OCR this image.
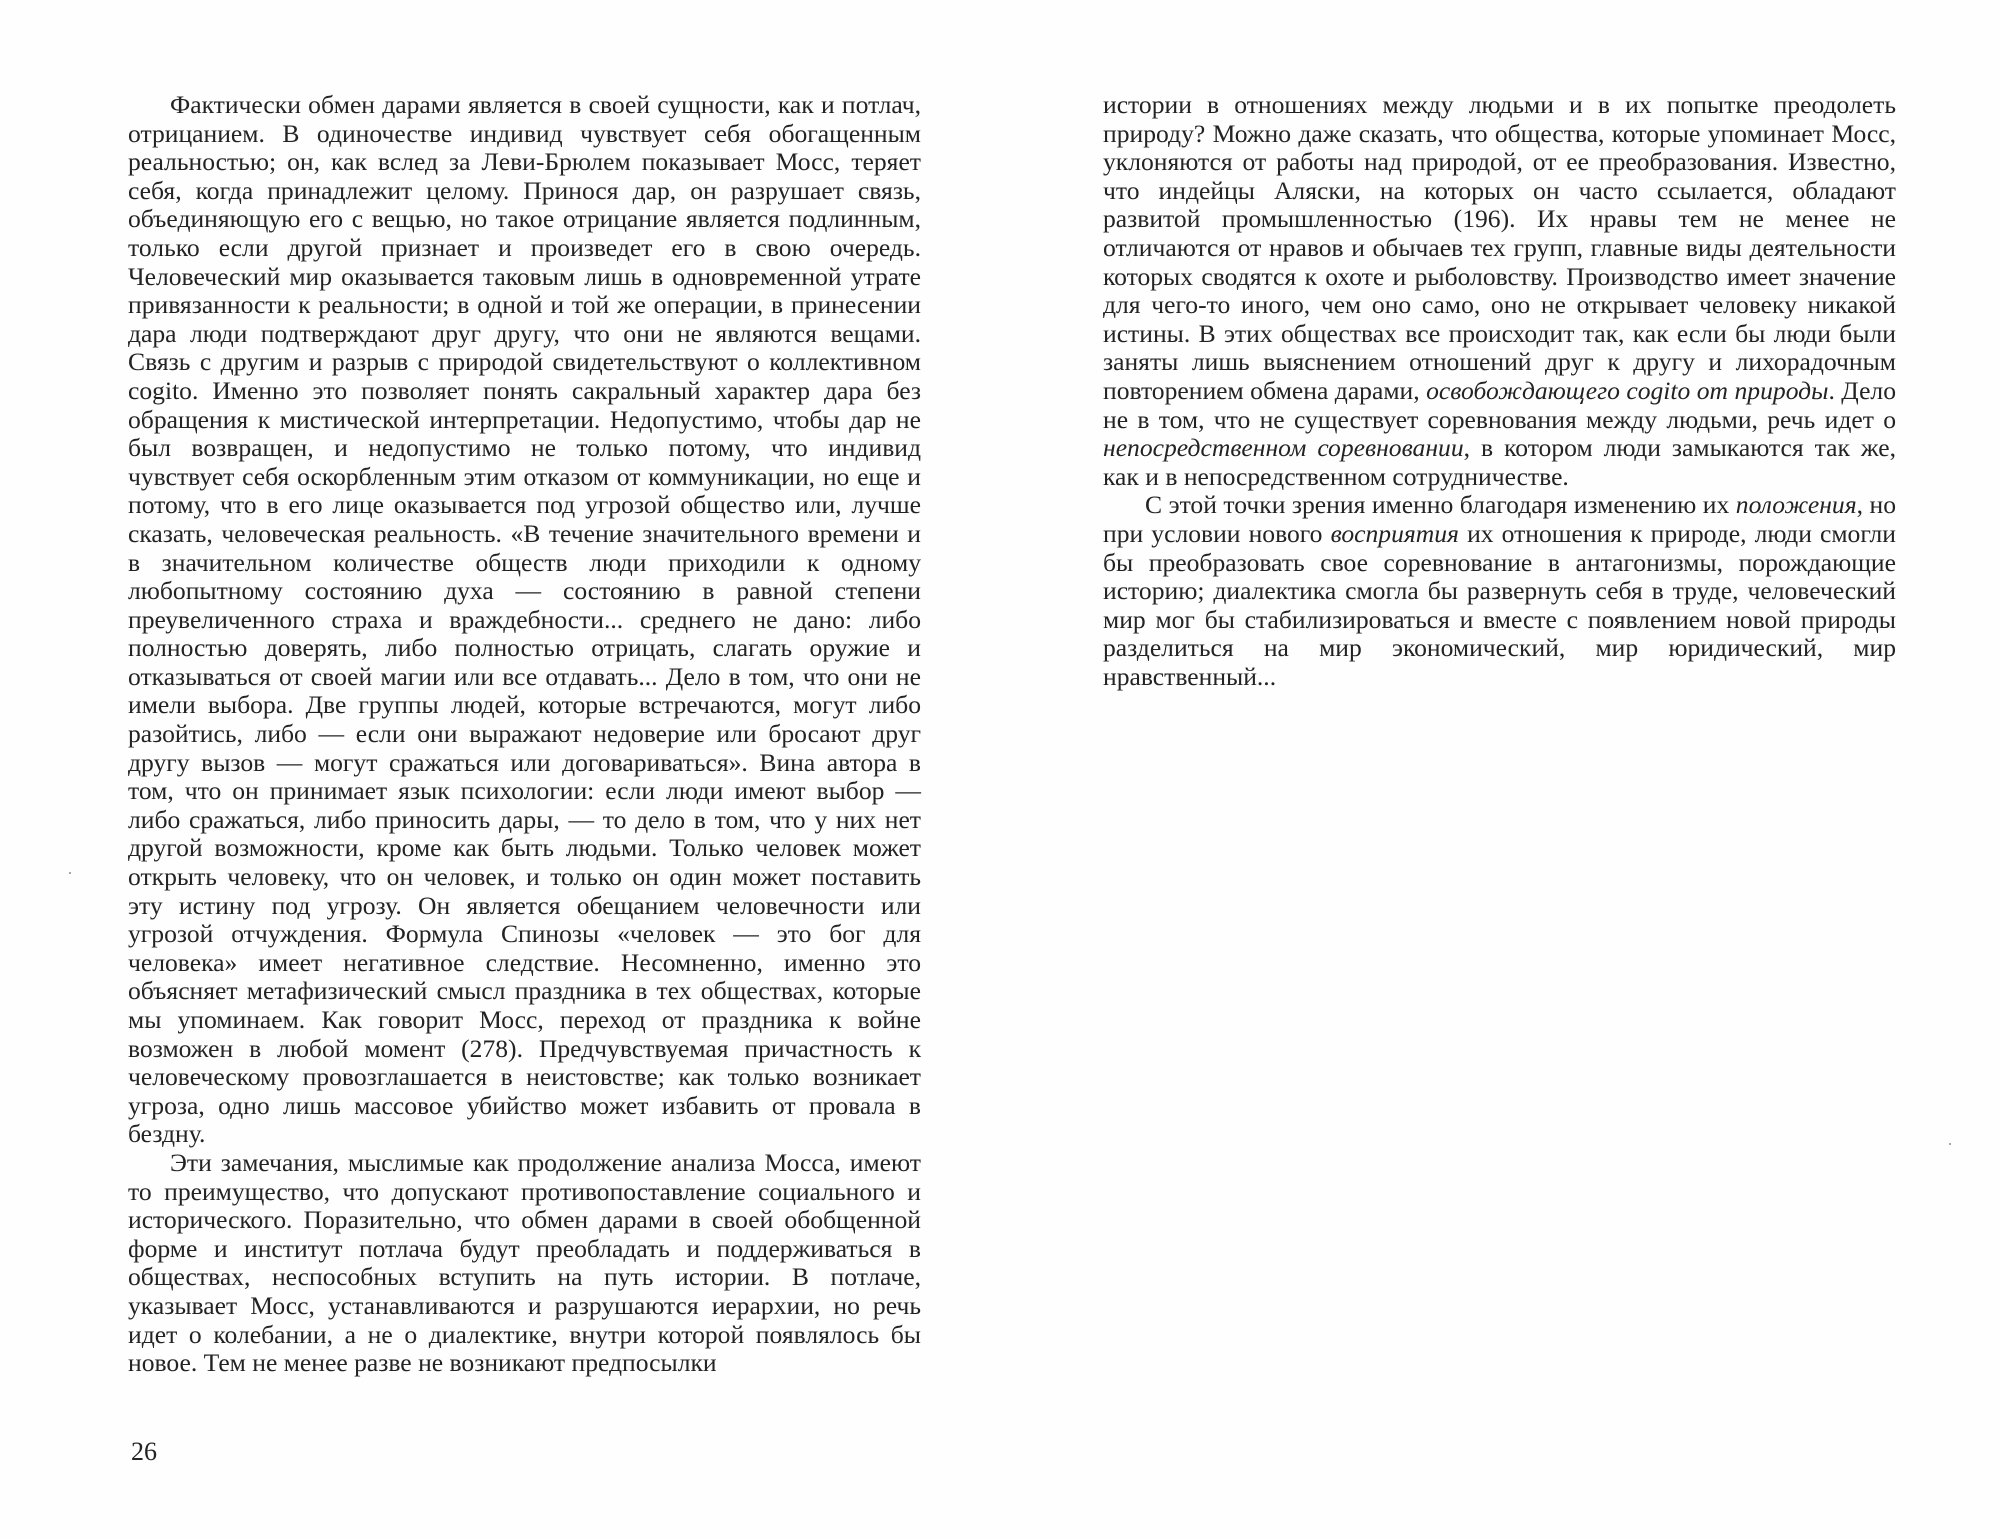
Фактически обмен дарами является в своей сущности, как и потлач, отрицанием. В одиночестве индивид чувствует себя обогащенным реальностью; он, как вслед за Леви-Брюлем показывает Мосс, теряет себя, когда принадлежит целому. Принося дар, он разрушает связь, объединяющую его с вещью, но такое отрицание является подлинным, только если другой признает и произведет его в свою очередь. Человеческий мир оказывается таковым лишь в одновременной утрате привязанности к реальности; в одной и той же операции, в принесении дара люди подтверждают друг другу, что они не являются вещами. Связь с другим и разрыв с природой свидетельствуют о коллективном cogito. Именно это позволяет понять сакральный характер дара без обращения к мистической интерпретации. Недопустимо, чтобы дар не был возвращен, и недопустимо не только потому, что индивид чувствует себя оскорбленным этим отказом от коммуникации, но еще и потому, что в его лице оказывается под угрозой общество или, лучше сказать, человеческая реальность. «В течение значительного времени и в значительном количестве обществ люди приходили к одному любопытному состоянию духа — состоянию в равной степени преувеличенного страха и враждебности... среднего не дано: либо полностью доверять, либо полностью отрицать, слагать оружие и отказываться от своей магии или все отдавать... Дело в том, что они не имели выбора. Две группы людей, которые встречаются, могут либо разойтись, либо — если они выражают недоверие или бросают друг другу вызов — могут сражаться или договариваться». Вина автора в том, что он принимает язык психологии: если люди имеют выбор — либо сражаться, либо приносить дары, — то дело в том, что у них нет другой возможности, кроме как быть людьми. Только человек может открыть человеку, что он человек, и только он один может поставить эту истину под угрозу. Он является обещанием человечности или угрозой отчуждения. Формула Спинозы «человек — это бог для человека» имеет негативное следствие. Несомненно, именно это объясняет метафизический смысл праздника в тех обществах, которые мы упоминаем. Как говорит Мосс, переход от праздника к войне возможен в любой момент (278). Предчувствуемая причастность к человеческому провозглашается в неистовстве; как только возникает угроза, одно лишь массовое убийство может избавить от провала в бездну.

Эти замечания, мыслимые как продолжение анализа Мосса, имеют то преимущество, что допускают противопоставление социального и исторического. Поразительно, что обмен дарами в своей обобщенной форме и институт потлача будут преобладать и поддерживаться в обществах, неспособных вступить на путь истории. В потлаче, указывает Мосс, устанавливаются и разрушаются иерархии, но речь идет о колебании, а не о диалектике, внутри которой появлялось бы новое. Тем не менее разве не возникают предпосылки

26

истории в отношениях между людьми и в их попытке преодолеть природу? Можно даже сказать, что общества, которые упоминает Мосс, уклоняются от работы над природой, от ее преобразования. Известно, что индейцы Аляски, на которых он часто ссылается, обладают развитой промышленностью (196). Их нравы тем не менее не отличаются от нравов и обычаев тех групп, главные виды деятельности которых сводятся к охоте и рыболовству. Производство имеет значение для чего-то иного, чем оно само, оно не открывает человеку никакой истины. В этих обществах все происходит так, как если бы люди были заняты лишь выяснением отношений друг к другу и лихорадочным повторением обмена дарами, освобождающего cogito от природы. Дело не в том, что не существует соревнования между людьми, речь идет о непосредственном соревновании, в котором люди замыкаются так же, как и в непосредственном сотрудничестве.

С этой точки зрения именно благодаря изменению их положения, но при условии нового восприятия их отношения к природе, люди смогли бы преобразовать свое соревнование в антагонизмы, порождающие историю; диалектика смогла бы развернуть себя в труде, человеческий мир мог бы стабилизироваться и вместе с появлением новой природы разделиться на мир экономический, мир юридический, мир нравственный...
